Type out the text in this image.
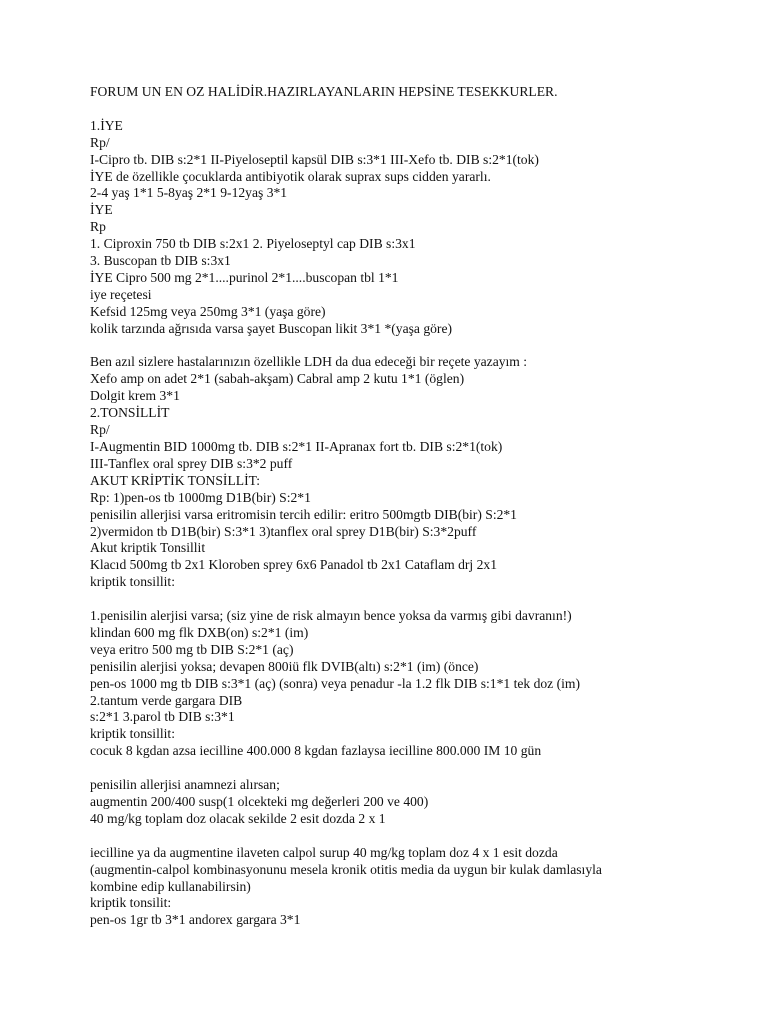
FORUM UN EN OZ HALİDİR.HAZIRLAYANLARIN HEPSİNE TESEKKURLER.
1.İYE
Rp/
I-Cipro tb. DIB s:2*1 II-Piyeloseptil kapsül DIB s:3*1 III-Xefo tb. DIB s:2*1(tok)
İYE de özellikle çocuklarda antibiyotik olarak suprax sups cidden yararlı.
2-4 yaş 1*1 5-8yaş 2*1 9-12yaş 3*1
İYE
Rp
1. Ciproxin 750 tb DIB s:2x1 2. Piyeloseptyl cap DIB s:3x1
3. Buscopan tb DIB s:3x1
İYE Cipro 500 mg 2*1....purinol 2*1....buscopan tbl 1*1
iye reçetesi
Kefsid 125mg veya 250mg 3*1 (yaşa göre)
kolik tarzında ağrısıda varsa şayet Buscopan likit 3*1 *(yaşa göre)
Ben azıl sizlere hastalarınızın özellikle LDH da dua edeceği bir reçete yazayım :
Xefo amp on adet 2*1 (sabah-akşam) Cabral amp 2 kutu 1*1 (öglen)
Dolgit krem 3*1
2.TONSİLLİT
Rp/
I-Augmentin BID 1000mg tb. DIB s:2*1 II-Apranax fort tb. DIB s:2*1(tok)
III-Tanflex oral sprey DIB s:3*2 puff
AKUT KRİPTİK TONSİLLİT:
Rp: 1)pen-os tb 1000mg D1B(bir) S:2*1
penisilin allerjisi varsa eritromisin tercih edilir: eritro 500mgtb DIB(bir) S:2*1
2)vermidon tb D1B(bir) S:3*1 3)tanflex oral sprey D1B(bir) S:3*2puff
Akut kriptik Tonsillit
Klacıd 500mg tb 2x1 Kloroben sprey 6x6 Panadol tb 2x1 Cataflam drj 2x1
kriptik tonsillit:
1.penisilin alerjisi varsa; (siz yine de risk almayın bence yoksa da varmış gibi davranın!)
klindan 600 mg flk DXB(on) s:2*1 (im)
veya eritro 500 mg tb DIB S:2*1 (aç)
penisilin alerjisi yoksa; devapen 800iü flk DVIB(altı) s:2*1 (im) (önce)
pen-os 1000 mg tb DIB s:3*1 (aç) (sonra) veya penadur -la 1.2 flk DIB s:1*1 tek doz (im)
2.tantum verde gargara DIB
s:2*1 3.parol tb DIB s:3*1
kriptik tonsillit:
cocuk 8 kgdan azsa iecilline 400.000 8 kgdan fazlaysa iecilline 800.000 IM 10 gün
penisilin allerjisi anamnezi alırsan;
augmentin 200/400 susp(1 olcekteki mg değerleri 200 ve 400)
40 mg/kg toplam doz olacak sekilde 2 esit dozda 2 x 1
iecilline ya da augmentine ilaveten calpol surup 40 mg/kg toplam doz 4 x 1 esit dozda
(augmentin-calpol kombinasyonunu mesela kronik otitis media da uygun bir kulak damlasıyla
kombine edip kullanabilirsin)
kriptik tonsilit:
pen-os 1gr tb 3*1 andorex gargara 3*1
